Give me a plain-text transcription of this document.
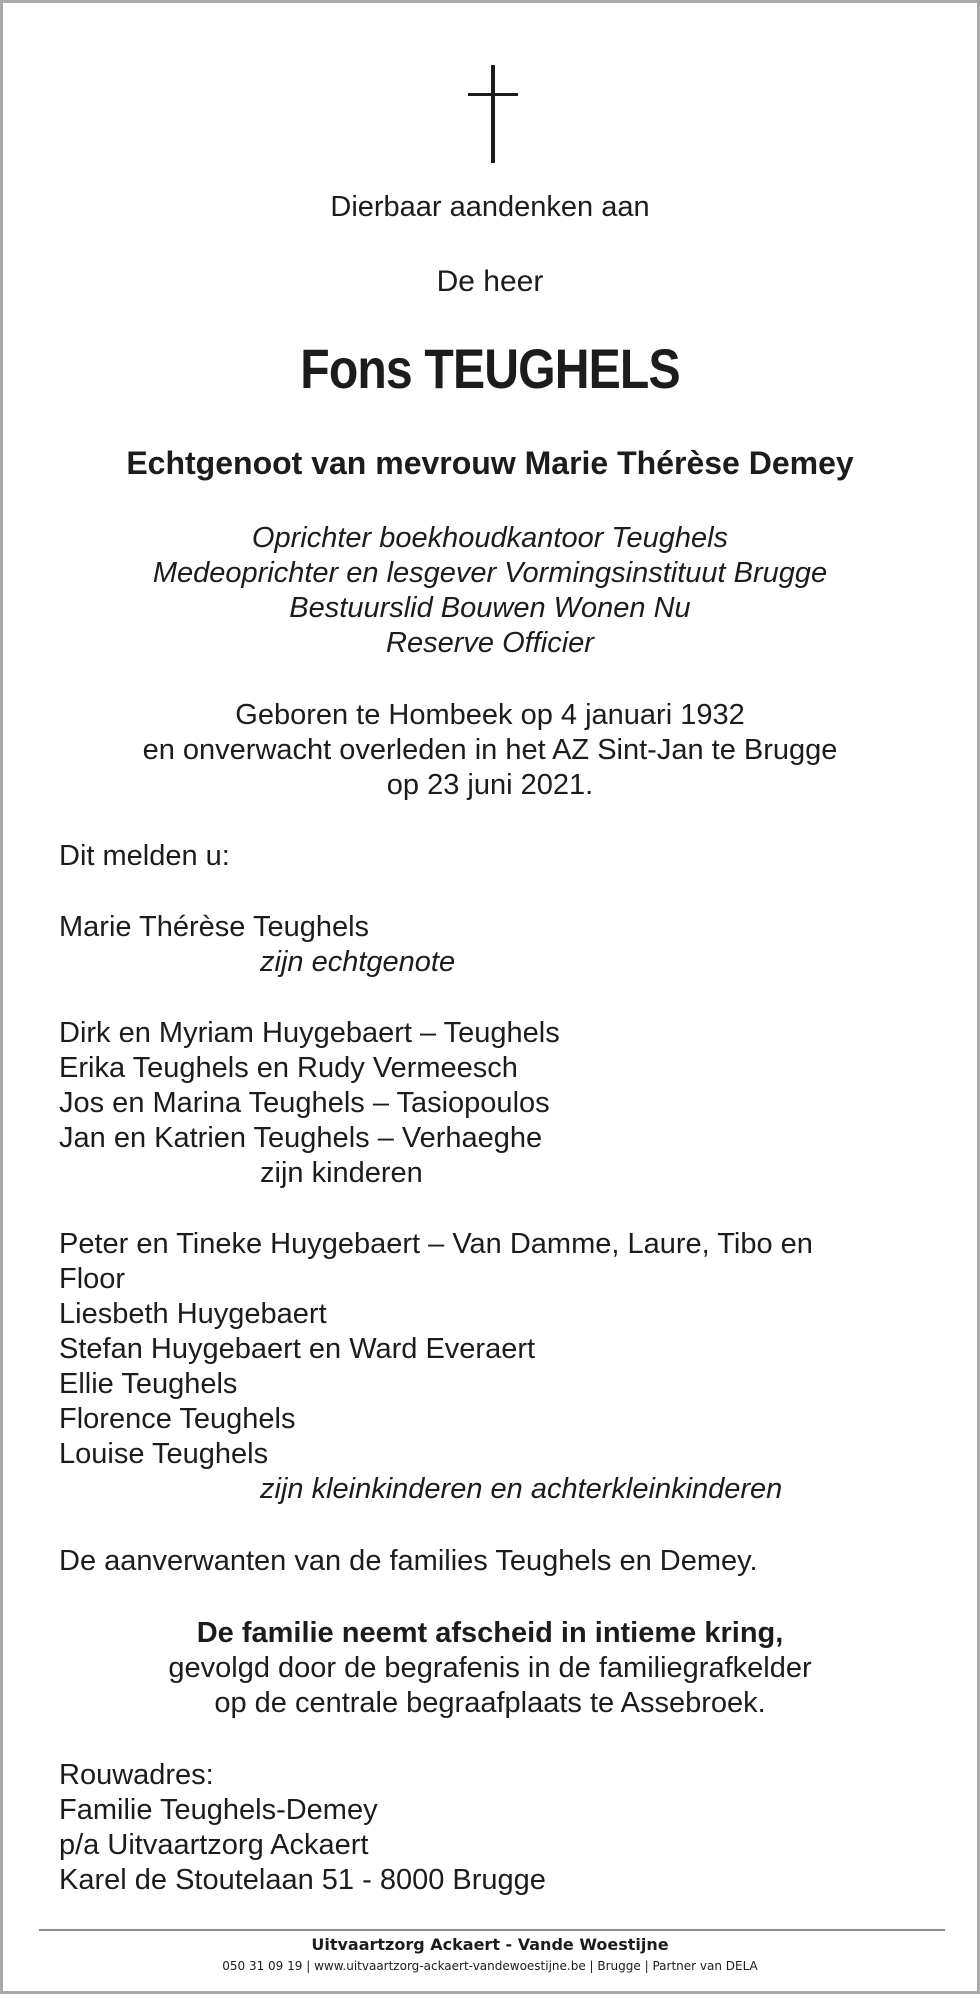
Dierbaar aandenken aan
De heer
Fons TEUGHELS
Echtgenoot van mevrouw Marie Thérèse Demey
Oprichter boekhoudkantoor Teughels
Medeoprichter en lesgever Vormingsinstituut Brugge
Bestuurslid Bouwen Wonen Nu
Reserve Officier
Geboren te Hombeek op 4 januari 1932
en onverwacht overleden in het AZ Sint-Jan te Brugge
op 23 juni 2021.
Dit melden u:
Marie Thérèse Teughels
zijn echtgenote
Dirk en Myriam Huygebaert – Teughels
Erika Teughels en Rudy Vermeesch
Jos en Marina Teughels – Tasiopoulos
Jan en Katrien Teughels – Verhaeghe
zijn kinderen
Peter en Tineke Huygebaert – Van Damme, Laure, Tibo en
Floor
Liesbeth Huygebaert
Stefan Huygebaert en Ward Everaert
Ellie Teughels
Florence Teughels
Louise Teughels
zijn kleinkinderen en achterkleinkinderen
De aanverwanten van de families Teughels en Demey.
De familie neemt afscheid in intieme kring,
gevolgd door de begrafenis in de familiegrafkelder
op de centrale begraafplaats te Assebroek.
Rouwadres:
Familie Teughels-Demey
p/a Uitvaartzorg Ackaert
Karel de Stoutelaan 51 - 8000 Brugge
Uitvaartzorg Ackaert - Vande Woestijne
050 31 09 19 | www.uitvaartzorg-ackaert-vandewoestijne.be | Brugge | Partner van DELA
